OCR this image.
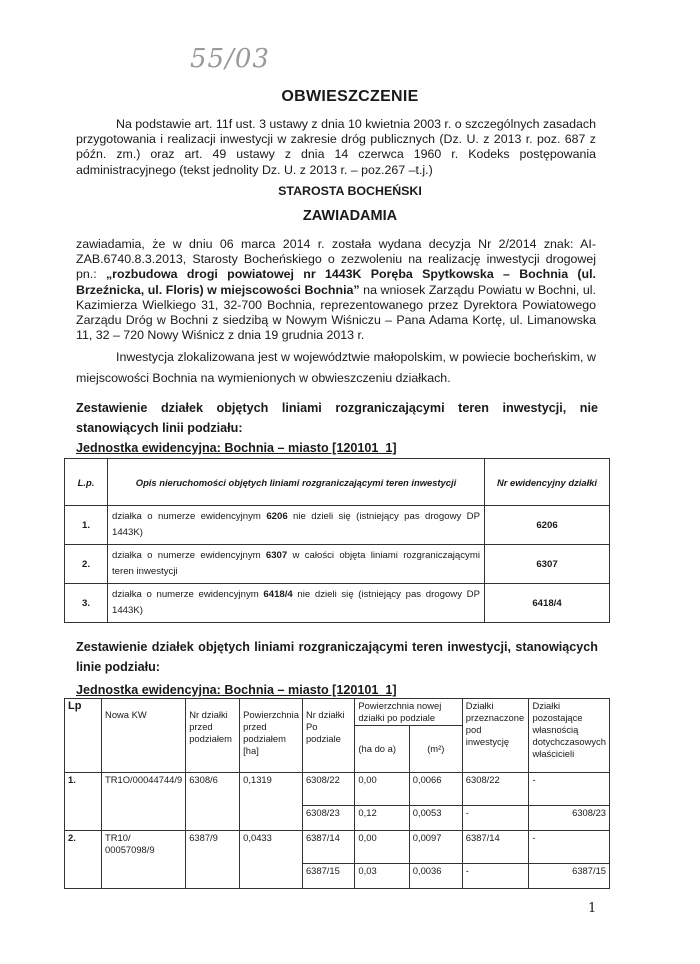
55/03
OBWIESZCZENIE
Na podstawie art. 11f ust. 3 ustawy z dnia 10 kwietnia 2003 r. o szczególnych zasadach przygotowania i realizacji inwestycji w zakresie dróg publicznych (Dz. U. z 2013 r. poz. 687 z późn. zm.) oraz art. 49 ustawy z dnia 14 czerwca 1960 r. Kodeks postępowania administracyjnego (tekst jednolity Dz. U. z 2013 r. – poz.267 –t.j.)
STAROSTA BOCHEŃSKI
ZAWIADAMIA
zawiadamia, że w dniu 06 marca 2014 r. została wydana decyzja Nr 2/2014 znak: AI-ZAB.6740.8.3.2013, Starosty Bocheńskiego o zezwoleniu na realizację inwestycji drogowej pn.: „rozbudowa drogi powiatowej nr 1443K Poręba Spytkowska – Bochnia (ul. Brzeźnicka, ul. Floris) w miejscowości Bochnia” na wniosek Zarządu Powiatu w Bochni, ul. Kazimierza Wielkiego 31, 32-700 Bochnia, reprezentowanego przez Dyrektora Powiatowego Zarządu Dróg w Bochni z siedzibą w Nowym Wiśniczu – Pana Adama Kortę, ul. Limanowska 11, 32 – 720 Nowy Wiśnicz z dnia 19 grudnia 2013 r.
Inwestycja zlokalizowana jest w województwie małopolskim, w powiecie bocheńskim, w miejscowości Bochnia na wymienionych w obwieszczeniu działkach.
Zestawienie działek objętych liniami rozgraniczającymi teren inwestycji, nie stanowiących linii podziału:
Jednostka ewidencyjna: Bochnia – miasto [120101_1]
L.p.	Opis nieruchomości objętych liniami rozgraniczającymi teren inwestycji	Nr ewidencyjny działki
1.	działka o numerze ewidencyjnym 6206 nie dzieli się (istniejący pas drogowy DP 1443K)	6206
2.	działka o numerze ewidencyjnym 6307 w całości objęta liniami rozgraniczającymi teren inwestycji	6307
3.	działka o numerze ewidencyjnym 6418/4 nie dzieli się (istniejący pas drogowy DP 1443K)	6418/4
Zestawienie działek objętych liniami rozgraniczającymi teren inwestycji, stanowiących linie podziału:
Jednostka ewidencyjna: Bochnia – miasto [120101_1]
Lp	Nowa KW	Nr działki przed podziałem	Powierzchnia przed podziałem [ha]	Nr działki Po podziale	Powierzchnia nowej działki po podziale		Działki przeznaczone pod inwestycję	Działki pozostające własnością dotychczasowych właścicieli
					(ha do a)	(m²)		
1.	TR1O/00044744/9	6308/6	0,1319	6308/22	0,00	0,0066	6308/22	-
				6308/23	0,12	0,0053	-	6308/23
2.	TR10/ 00057098/9	6387/9	0,0433	6387/14	0,00	0,0097	6387/14	-
				6387/15	0,03	0,0036	-	6387/15
1
